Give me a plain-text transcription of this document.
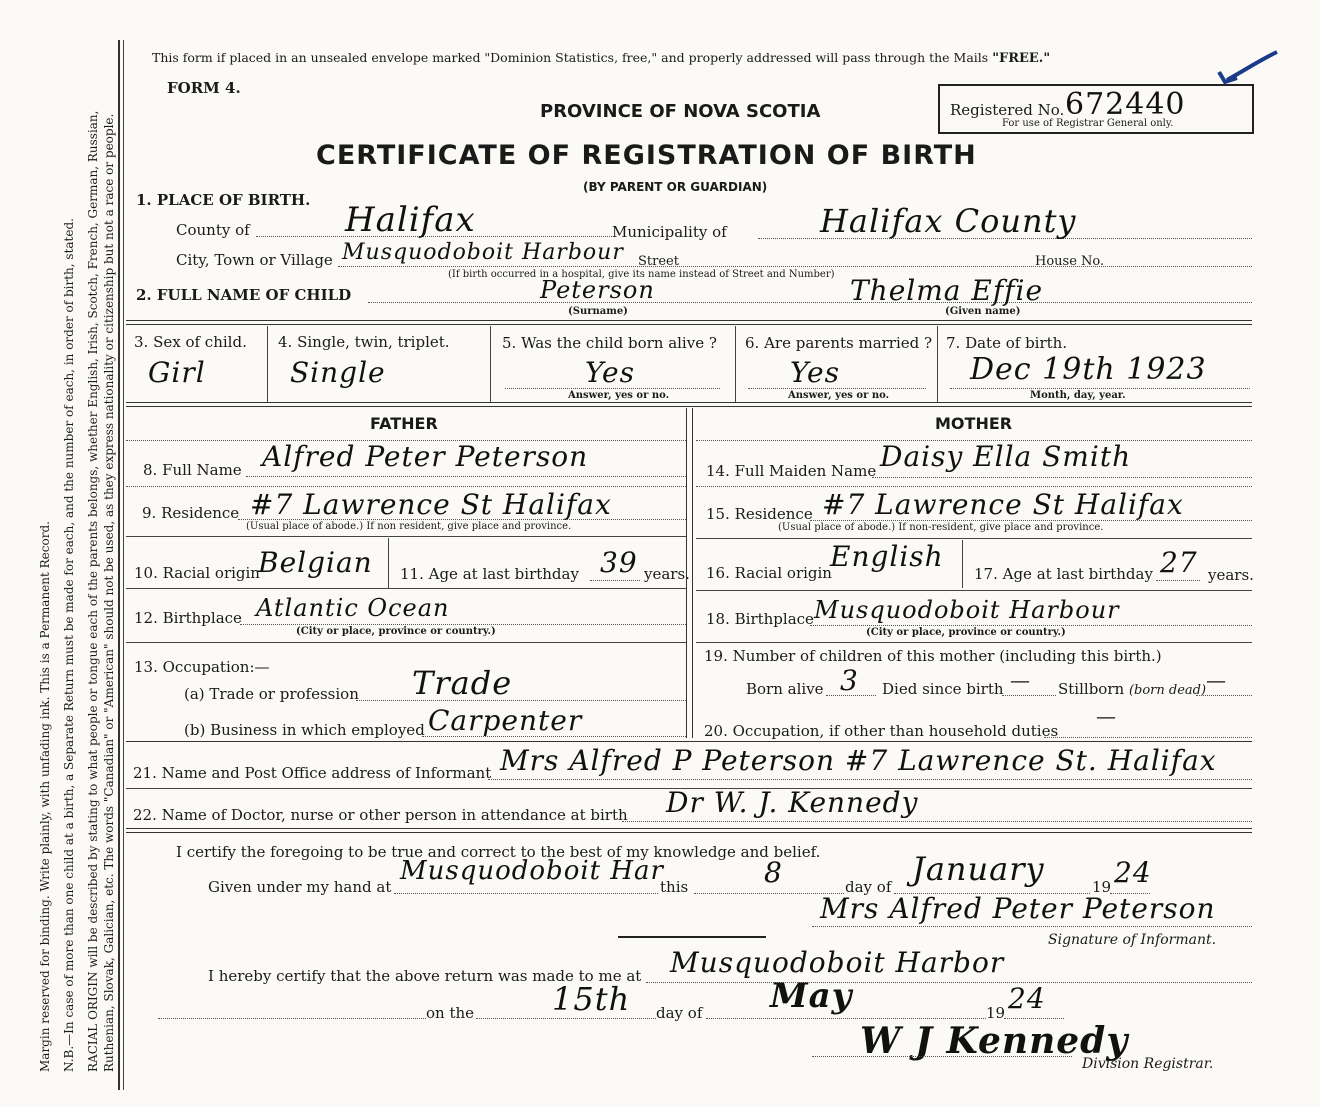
Margin reserved for binding. Write plainly, with unfading ink. This is a Permanent Record. N.B.—In case of more than one child at a birth, a Separate Return must be made for each, and the number of each, in order of birth, stated. RACIAL ORIGIN will be described by stating to what people or tongue each of the parents belongs, whether English, Irish, Scotch, French, German, Russian, Ruthenian, Slovak, Galician, etc. The words "Canadian" or "American" should not be used, as they express nationality or citizenship but not a race or people.
This form if placed in an unsealed envelope marked "Dominion Statistics, free," and properly addressed will pass through the Mails "FREE."
FORM 4.
PROVINCE OF NOVA SCOTIA
CERTIFICATE OF REGISTRATION OF BIRTH
(BY PARENT OR GUARDIAN)
Registered No. 672440
For use of Registrar General only.
1. PLACE OF BIRTH.
County of	Halifax	Municipality of	Halifax County
City, Town or Village Musquodoboit Harbour Street	House No.
(If birth occurred in a hospital, give its name instead of Street and Number)
2. FULL NAME OF CHILD	Peterson
(Surname)
Thelma Effie
(Given name)
3. Sex of child.
Girl
4. Single, twin, triplet.
Single
5. Was the child born alive ?
Yes
Answer, yes or no.
6. Are parents married ?
Yes
Answer, yes or no.
7. Date of birth.
Dec 19th 1923
Month, day, year.
FATHER	MOTHER
8. Full Name Alfred Peter Peterson
9. Residence #7 Lawrence St Halifax
(Usual place of abode.) If non resident, give place and province.
10. Racial origin
Belgian 11. Age at last birthday 39 years.
12. Birthplace Atlantic Ocean
(City or place, province or country.)
13. Occupation:—
(a) Trade or profession Trade
(b) Business in which employed Carpenter
14. Full Maiden Name Daisy Ella Smith
15. Residence #7 Lawrence St Halifax
(Usual place of abode.) If non-resident, give place and province.
16. Racial origin
English
17. Age at last birthday 27 years.
18. Birthplace Musquodoboit Harbour
(City or place, province or country.)
19. Number of children of this mother (including this birth.)
Born alive 3 Died since birth — Stillborn (born dead) —
20. Occupation, if other than household duties
—
21. Name and Post Office address of Informant Mrs Alfred P Peterson #7 Lawrence St. Halifax
22. Name of Doctor, nurse or other person in attendance at birth Dr W. J. Kennedy
I certify the foregoing to be true and correct to the best of my knowledge and belief.
Given under my hand at
Musquodoboit Har
this	8	day of January	19 24
Mrs Alfred Peter Peterson
Signature of Informant.
I hereby certify that the above return was made to me at Musquodoboit Harbor
on the 15th day of May	19 24
W J Kennedy
Division Registrar.
